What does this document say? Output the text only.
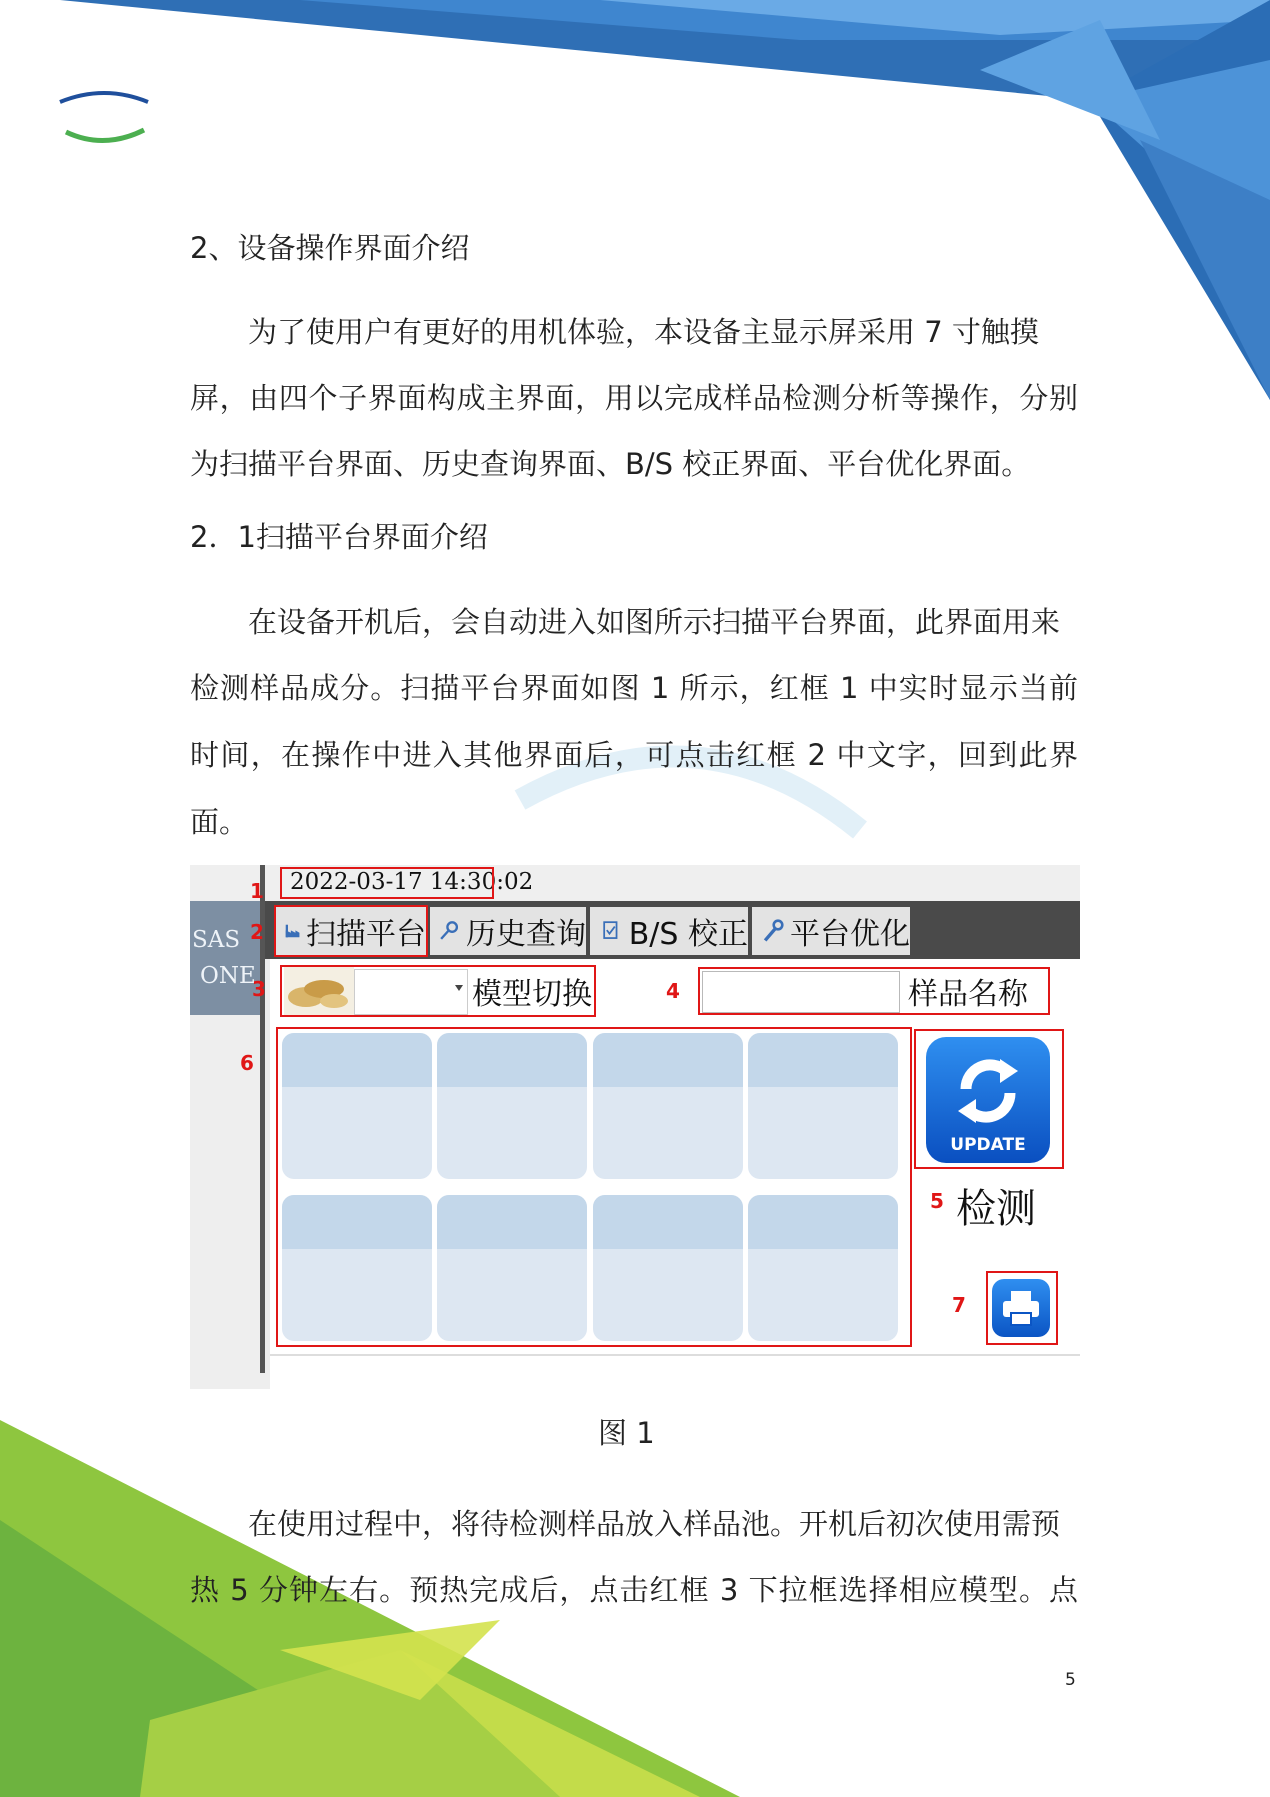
2、设备操作界面介绍

为了使用户有更好的用机体验，本设备主显示屏采用 7 寸触摸
屏，由四个子界面构成主界面，用以完成样品检测分析等操作，分别
为扫描平台界面、历史查询界面、B/S 校正界面、平台优化界面。

2．1扫描平台界面介绍

在设备开机后，会自动进入如图所示扫描平台界面，此界面用来
检测样品成分。扫描平台界面如图 1 所示，红框 1 中实时显示当前
时间，在操作中进入其他界面后，可点击红框 2 中文字，回到此界
面。
SAS
ONE
2022-03-17 14:30:02
1
扫描平台
2	历史查询 B/S 校正 平台优化
模型切换
3	样品名称
4
6
UPDATE
5 检测
7
图 1
在使用过程中，将待检测样品放入样品池。开机后初次使用需预
热 5 分钟左右。预热完成后，点击红框 3 下拉框选择相应模型。点
5
